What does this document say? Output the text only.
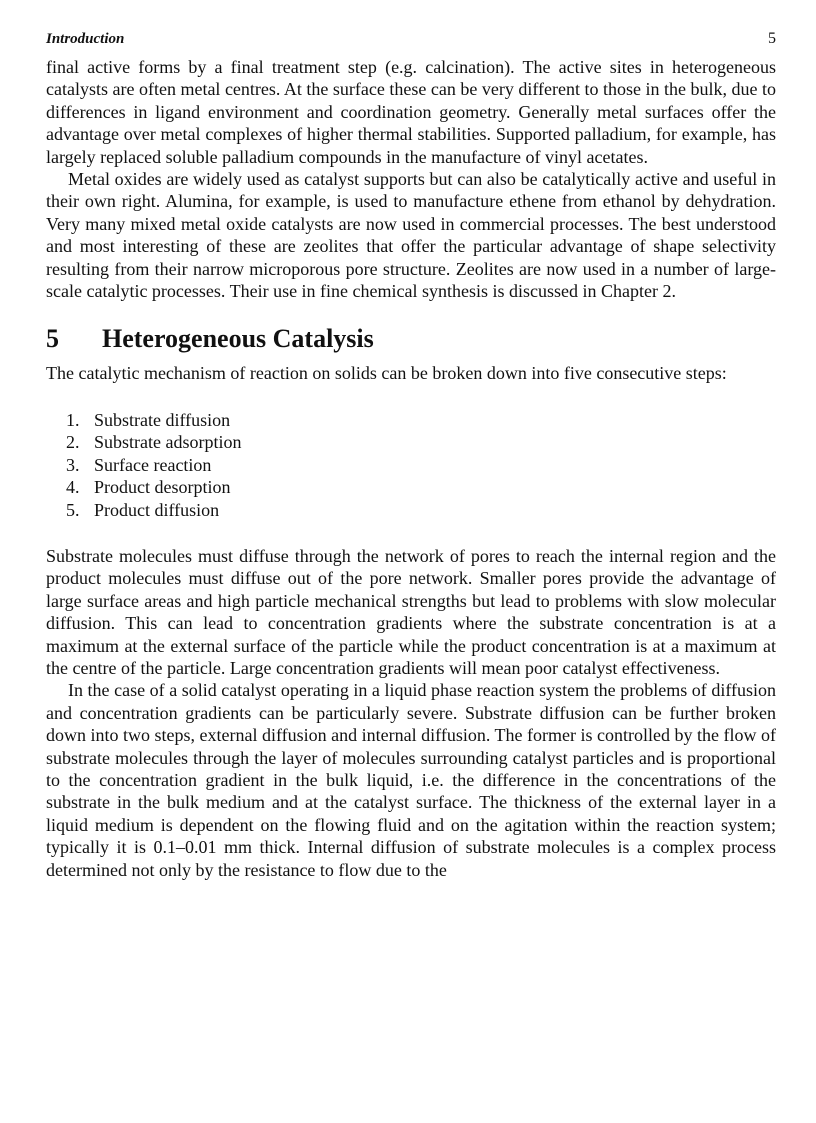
Introduction	5

final active forms by a final treatment step (e.g. calcination). The active sites in heterogeneous catalysts are often metal centres. At the surface these can be very different to those in the bulk, due to differences in ligand environment and coordination geometry. Generally metal surfaces offer the advantage over metal complexes of higher thermal stabilities. Supported palladium, for example, has largely replaced soluble palladium compounds in the manufacture of vinyl acetates.

Metal oxides are widely used as catalyst supports but can also be catalytically active and useful in their own right. Alumina, for example, is used to manufacture ethene from ethanol by dehydration. Very many mixed metal oxide catalysts are now used in commercial processes. The best understood and most interesting of these are zeolites that offer the particular advantage of shape selectivity resulting from their narrow microporous pore structure. Zeolites are now used in a number of large-scale catalytic processes. Their use in fine chemical synthesis is discussed in Chapter 2.

5 Heterogeneous Catalysis

The catalytic mechanism of reaction on solids can be broken down into five consecutive steps:

1. Substrate diffusion
2. Substrate adsorption
3. Surface reaction
4. Product desorption
5. Product diffusion

Substrate molecules must diffuse through the network of pores to reach the internal region and the product molecules must diffuse out of the pore network. Smaller pores provide the advantage of large surface areas and high particle mechanical strengths but lead to problems with slow molecular diffusion. This can lead to concentration gradients where the substrate concentration is at a maximum at the external surface of the particle while the product concentration is at a maximum at the centre of the particle. Large concentration gradients will mean poor catalyst effectiveness.

In the case of a solid catalyst operating in a liquid phase reaction system the problems of diffusion and concentration gradients can be particularly severe. Substrate diffusion can be further broken down into two steps, external diffusion and internal diffusion. The former is controlled by the flow of substrate molecules through the layer of molecules surrounding catalyst particles and is proportional to the concentration gradient in the bulk liquid, i.e. the difference in the concentrations of the substrate in the bulk medium and at the catalyst surface. The thickness of the external layer in a liquid medium is dependent on the flowing fluid and on the agitation within the reaction system; typically it is 0.1–0.01 mm thick. Internal diffusion of substrate molecules is a complex process determined not only by the resistance to flow due to the
